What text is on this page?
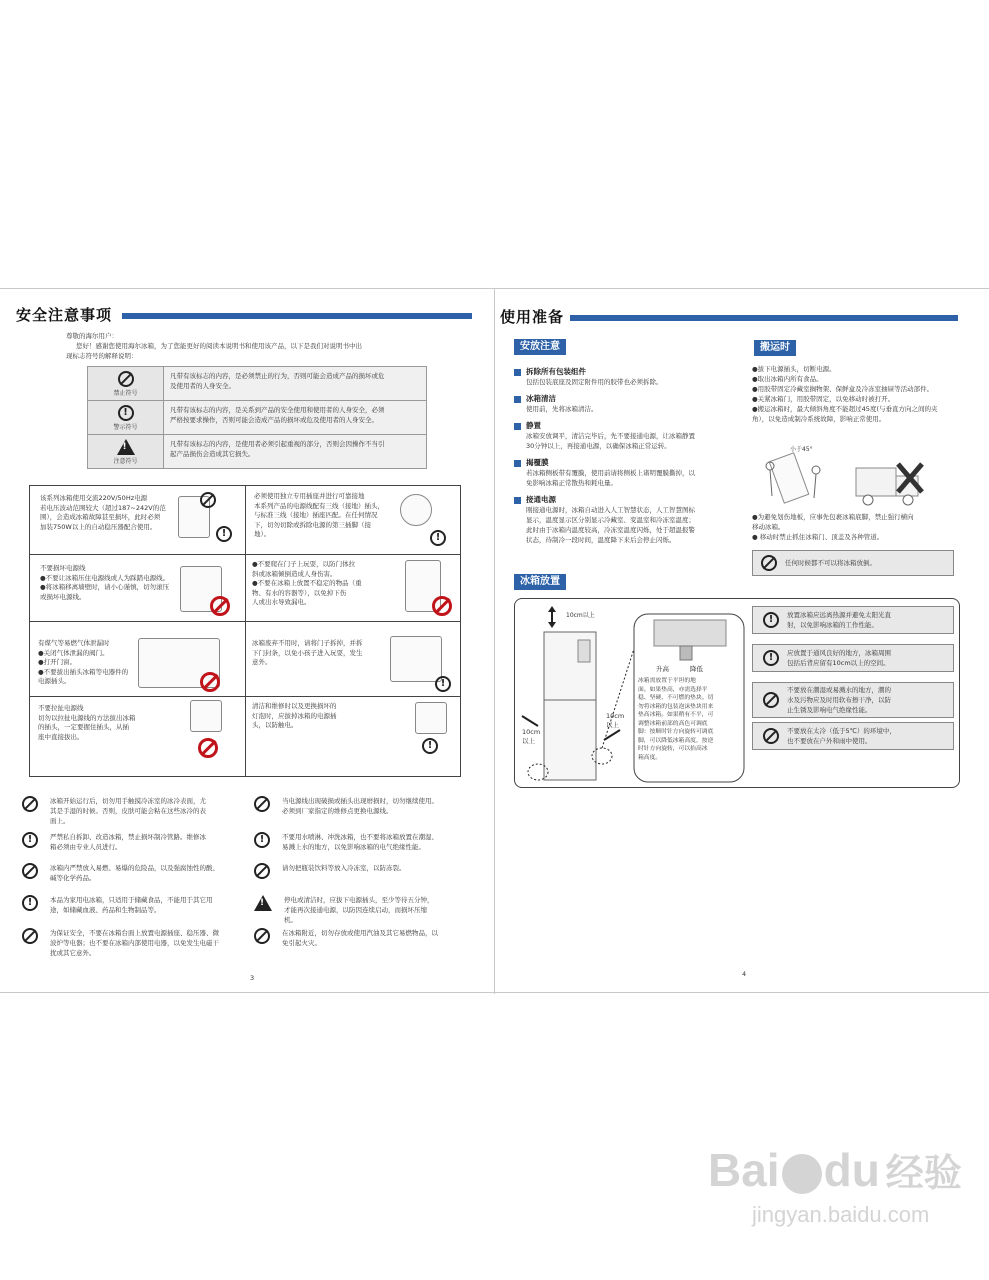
安全注意事项
尊敬的海尔用户：
您好！感谢您使用海尔冰箱，为了您能更好的阅读本说明书和使用该产品，以下是我们对说明书中出
现标志符号的解释说明：
禁止符号
凡带有该标志的内容，是必须禁止的行为，否则可能会造成产品的损坏或危
及使用者的人身安全。
!
警示符号
凡带有该标志的内容，是关系到产品的安全使用和使用者的人身安全，必须
严格按要求操作，否则可能会造成产品的损坏或危及使用者的人身安全。
!
注意符号
凡带有该标志的内容，是使用者必须引起重视的部分，否则会因操作不当引
起产品损伤会造成其它损失。
该系列冰箱使用交流220V/50Hz电源
若电压波动范围较大（超过187~242V的范
围），会造成冰箱故障甚至损坏，此时必须
加装750W以上的自动稳压器配合使用。
!
必须使用独立专用插座并进行可靠接地
本系列产品的电源线配有三线（接地）插头，
与标准三线（接地）插座匹配。在任何情况
下，切勿切除或拆除电源的第三插脚（接
地）。
!
不要损坏电源线
●不要让冰箱压住电源线或人为踩踏电源线。
●将冰箱移离墙壁时，请小心谨慎，切勿滚压
或损坏电源线。
●不要爬在门子上玩耍，以防门体拉
斜或冰箱倾倒造成人身伤害。
●不要在冰箱上放置不稳定的物品（重
物、有水的容器等），以免掉下伤
人或出水导致漏电。
有煤气等易燃气体泄漏时
●关闭气体泄漏的阀门。
●打开门窗。
●不要拔出插头冰箱等电器件的
电源插头。
冰箱废弃不用时，请将门子拆掉，并拆
下门封条，以免小孩子进入玩耍，发生
意外。
!
不要拉扯电源线
切勿以拉扯电源线的方法拔出冰箱
的插头，一定要握住插头，从插
座中直接拔出。
清洁和维修时以及更换损坏的
灯泡时，应拔掉冰箱的电源插
头，以防触电。
!
冰箱开始运行后，切勿用手触摸冷冻室的冰冷表面，尤
其是手湿的时候。否则，皮肤可能会粘在这些冰冷的表
面上。
!
严禁私自拆卸、改造冰箱，禁止损坏制冷管路。维修冰
箱必须由专业人员进行。
冰箱内严禁放入易燃、易爆的危险品，以及强腐蚀性的酸、
碱等化学药品。
!
本品为家用电冰箱，只适用于储藏食品，不能用于其它用
途，如储藏血液、药品和生物制品等。
为保证安全，不要在冰箱台面上放置电源插座、稳压器、微
波炉等电器；也不要在冰箱内部使用电器，以免发生电磁干
扰或其它意外。
当电源线出现破损或插头出现磨损时，切勿继续使用。
必须到厂家指定的维修点更换电源线。
!
不要用水喷淋、冲洗冰箱，也不要将冰箱放置在潮湿、
易溅上水的地方，以免影响冰箱的电气绝缘性能。
请勿把瓶装饮料等放入冷冻室，以防冻裂。
!
停电或清洁时，应拔下电源插头，至少等待五分钟，
才能再次接通电源，以防因连续启动，而损坏压缩
机。
在冰箱附近，切勿存放或使用汽油及其它易燃物品，以
免引起火灾。
3
使用准备
安放注意
拆除所有包装组件
包括包装底座及固定附件用的胶带也必须拆除。
冰箱清洁
使用前，先将冰箱清洁。
静置
冰箱安放调平，清洁完毕后，先不要接通电源，让冰箱静置
30分钟以上，再接通电源，以确保冰箱正常运转。
揭覆膜
若冰箱侧板带有覆膜，使用前请将侧板上诸明覆膜撕掉，以
免影响冰箱正常散热和耗电量。
接通电源
刚接通电源时，冰箱自动进入人工智慧状态，人工智慧图标
显示，温度显示区分别显示冷藏室、变温室和冷冻室温度；
此时由于冰箱内温度较高，冷冻室温度闪烁，处于超温报警
状态，待制冷一段时间，温度降下来后会停止闪烁。
搬运时
●拔下电源插头，切断电源。
●取出冰箱内所有食品。
●用胶带固定冷藏室搁物架、保鲜盒及冷冻室抽屉等活动部件。
●关紧冰箱门，用胶带固定，以免移动时被打开。
●搬运冰箱时，最大倾斜角度不能超过45度(与垂直方向之间的夹
角），以免造成制冷系统故障，影响正常使用。
小于45°
●为避免划伤地板，应事先包裹冰箱底脚，禁止强行横向
移动冰箱。
● 移动时禁止抓住冰箱门、顶盖及各种管道。
任何时候都不可以将冰箱放倒。
冰箱放置
10cm以上
10cm
以上
10cm
以上
升高	降低
冰箱需放置于平坦的地
面。如果垫高，亦需选择平
稳、坚硬、不可燃的垫块。切
勿将冰箱的包装泡沫垫块用来
垫高冰箱。如果稍有不平，可
调整冰箱前部的高色可调底
脚：按顺时针方向旋转可调底
脚，可以降低冰箱高度，按逆
时针方向旋转，可以抬高冰
箱高度。
!
放置冰箱应远离热源并避免太阳光直
射，以免影响冰箱的工作性能。
!
应放置于通风良好的地方，冰箱周围
包括后背应留有10cm以上的空间。
不要放在潮湿或易溅水的地方，潮的
水及污物应及时用软布擦干净，以防
止生锈及影响电气绝缘性能。
不要放在太冷（低于5℃）的环境中，
也不要放在户外和雨中使用。
4
Bai du 经验
jingyan.baidu.com
